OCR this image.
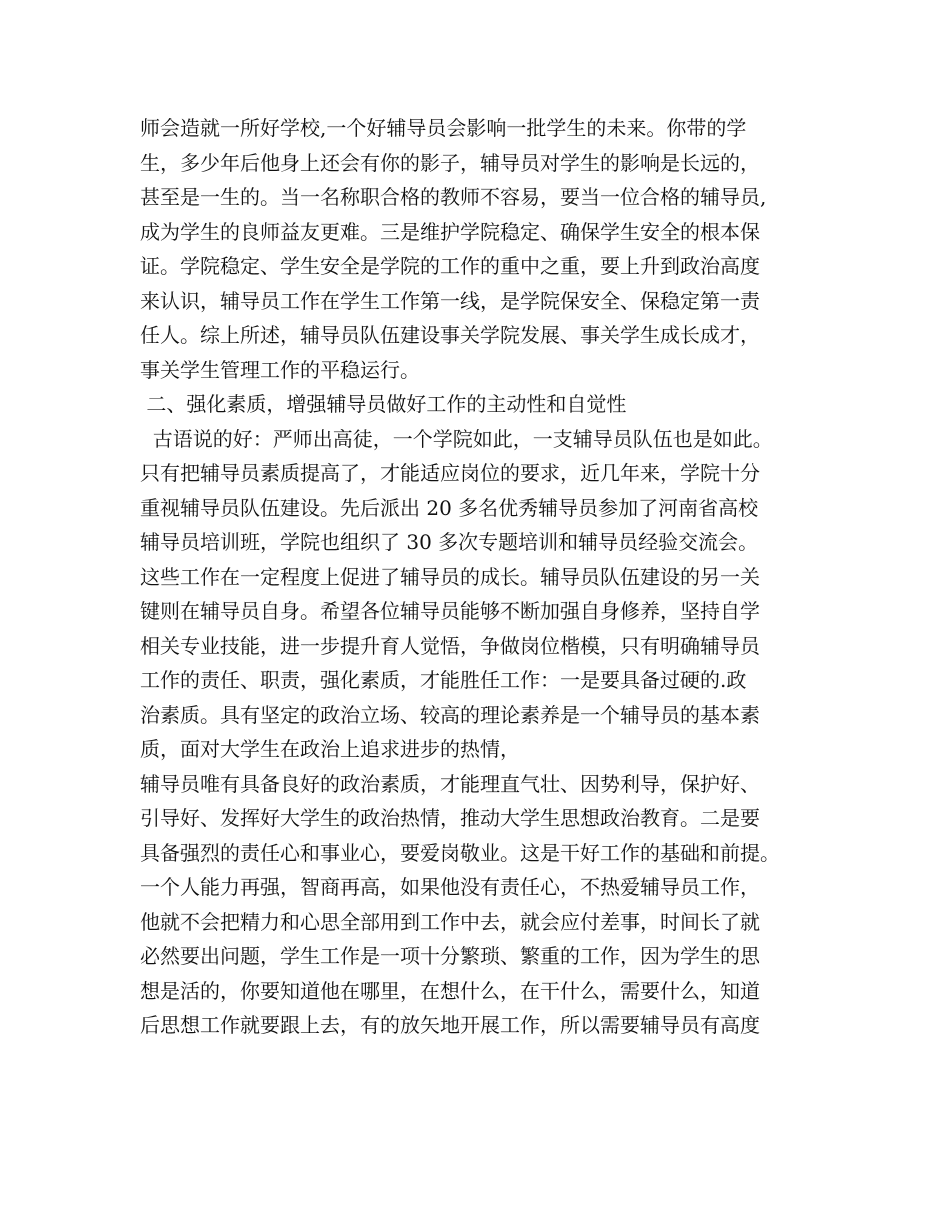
师会造就一所好学校,一个好辅导员会影响一批学生的未来。你带的学
生，多少年后他身上还会有你的影子，辅导员对学生的影响是长远的，
甚至是一生的。当一名称职合格的教师不容易，要当一位合格的辅导员,
成为学生的良师益友更难。三是维护学院稳定、确保学生安全的根本保
证。学院稳定、学生安全是学院的工作的重中之重，要上升到政治高度
来认识，辅导员工作在学生工作第一线，是学院保安全、保稳定第一责
任人。综上所述，辅导员队伍建设事关学院发展、事关学生成长成才，
事关学生管理工作的平稳运行。
二、强化素质，增强辅导员做好工作的主动性和自觉性
古语说的好：严师出高徒，一个学院如此，一支辅导员队伍也是如此。
只有把辅导员素质提高了，才能适应岗位的要求，近几年来，学院十分
重视辅导员队伍建设。先后派出 20 多名优秀辅导员参加了河南省高校
辅导员培训班，学院也组织了 30 多次专题培训和辅导员经验交流会。
这些工作在一定程度上促进了辅导员的成长。辅导员队伍建设的另一关
键则在辅导员自身。希望各位辅导员能够不断加强自身修养，坚持自学
相关专业技能，进一步提升育人觉悟，争做岗位楷模，只有明确辅导员
工作的责任、职责，强化素质，才能胜任工作：一是要具备过硬的.政
治素质。具有坚定的政治立场、较高的理论素养是一个辅导员的基本素
质，面对大学生在政治上追求进步的热情，
辅导员唯有具备良好的政治素质，才能理直气壮、因势利导，保护好、
引导好、发挥好大学生的政治热情，推动大学生思想政治教育。二是要
具备强烈的责任心和事业心，要爱岗敬业。这是干好工作的基础和前提。
一个人能力再强，智商再高，如果他没有责任心，不热爱辅导员工作，
他就不会把精力和心思全部用到工作中去，就会应付差事，时间长了就
必然要出问题，学生工作是一项十分繁琐、繁重的工作，因为学生的思
想是活的，你要知道他在哪里，在想什么，在干什么，需要什么，知道
后思想工作就要跟上去，有的放矢地开展工作，所以需要辅导员有高度
